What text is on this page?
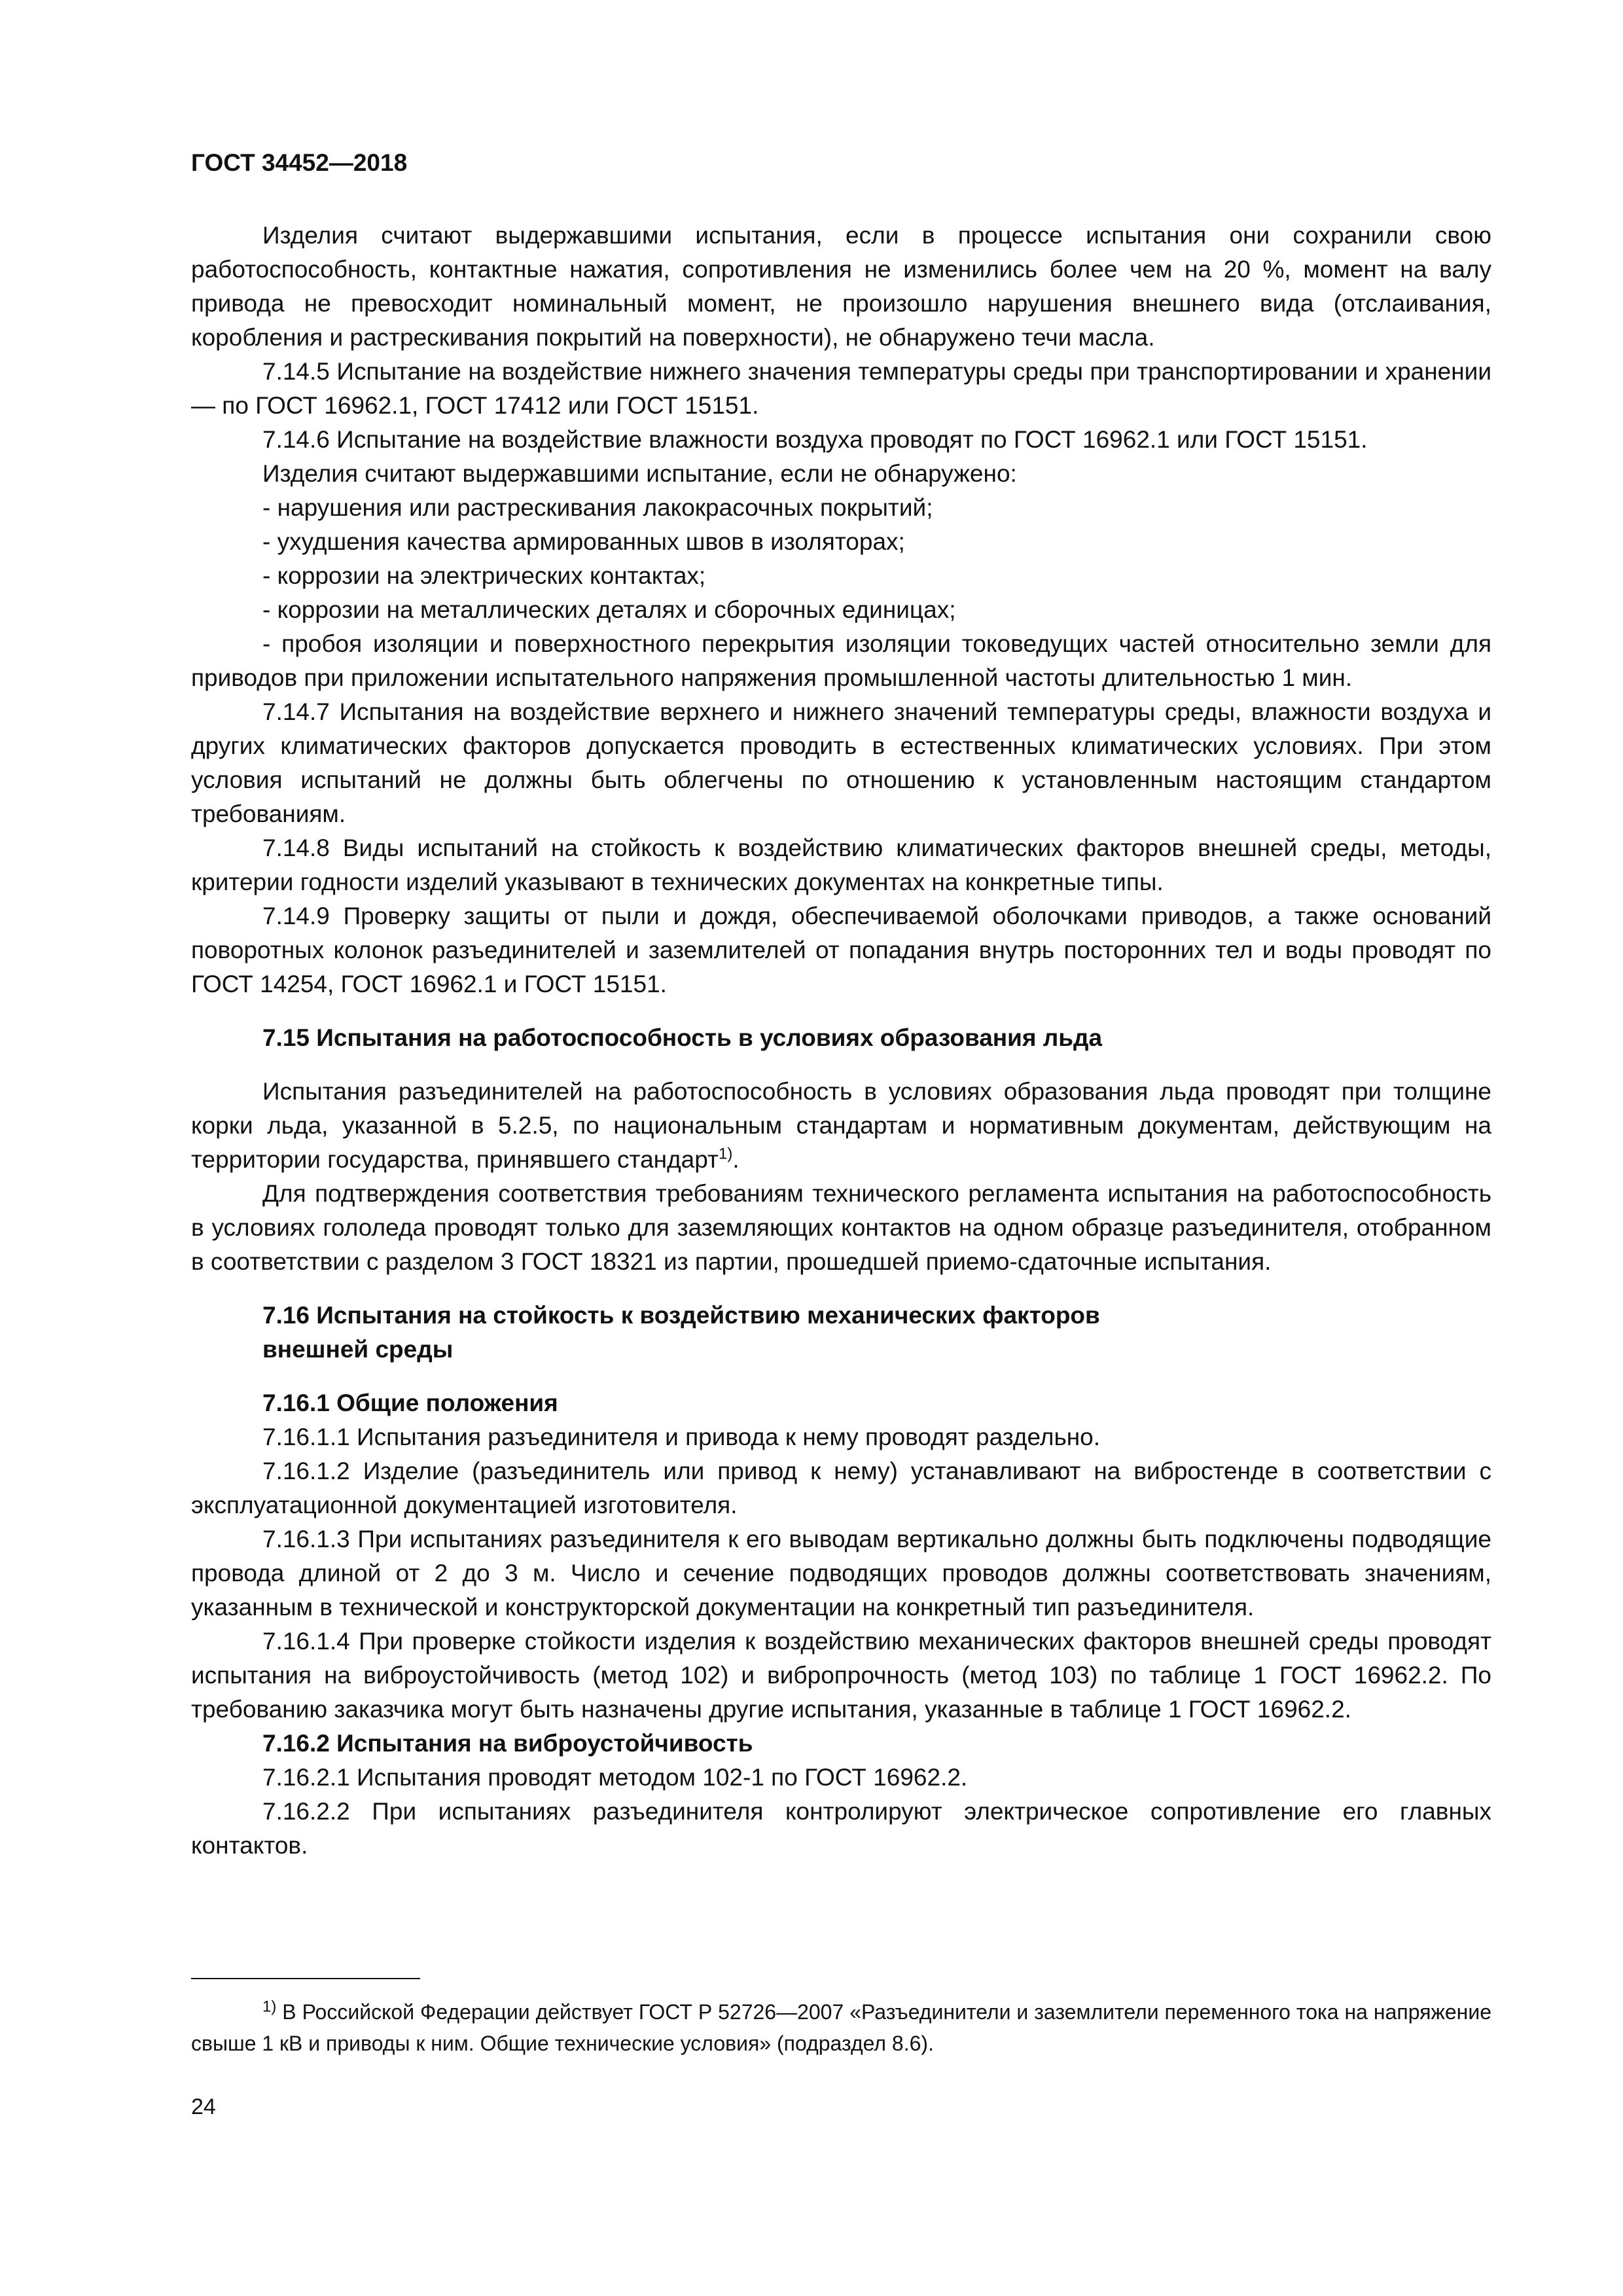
ГОСТ 34452—2018

Изделия считают выдержавшими испытания, если в процессе испытания они сохранили свою работоспособность, контактные нажатия, сопротивления не изменились более чем на 20 %, момент на валу привода не превосходит номинальный момент, не произошло нарушения внешнего вида (отслаивания, коробления и растрескивания покрытий на поверхности), не обнаружено течи масла.

7.14.5 Испытание на воздействие нижнего значения температуры среды при транспортировании и хранении — по ГОСТ 16962.1, ГОСТ 17412 или ГОСТ 15151.

7.14.6 Испытание на воздействие влажности воздуха проводят по ГОСТ 16962.1 или ГОСТ 15151.

Изделия считают выдержавшими испытание, если не обнаружено:

- нарушения или растрескивания лакокрасочных покрытий;

- ухудшения качества армированных швов в изоляторах;

- коррозии на электрических контактах;

- коррозии на металлических деталях и сборочных единицах;

- пробоя изоляции и поверхностного перекрытия изоляции токоведущих частей относительно земли для приводов при приложении испытательного напряжения промышленной частоты длительностью 1 мин.

7.14.7 Испытания на воздействие верхнего и нижнего значений температуры среды, влажности воздуха и других климатических факторов допускается проводить в естественных климатических условиях. При этом условия испытаний не должны быть облегчены по отношению к установленным настоящим стандартом требованиям.

7.14.8 Виды испытаний на стойкость к воздействию климатических факторов внешней среды, методы, критерии годности изделий указывают в технических документах на конкретные типы.

7.14.9 Проверку защиты от пыли и дождя, обеспечиваемой оболочками приводов, а также оснований поворотных колонок разъединителей и заземлителей от попадания внутрь посторонних тел и воды проводят по ГОСТ 14254, ГОСТ 16962.1 и ГОСТ 15151.

7.15 Испытания на работоспособность в условиях образования льда

Испытания разъединителей на работоспособность в условиях образования льда проводят при толщине корки льда, указанной в 5.2.5, по национальным стандартам и нормативным документам, действующим на территории государства, принявшего стандарт$^{1)}$.

Для подтверждения соответствия требованиям технического регламента испытания на работоспособность в условиях гололеда проводят только для заземляющих контактов на одном образце разъединителя, отобранном в соответствии с разделом 3 ГОСТ 18321 из партии, прошедшей приемо-сдаточные испытания.

7.16 Испытания на стойкость к воздействию механических факторов
внешней среды
7.16.1 Общие положения

7.16.1.1 Испытания разъединителя и привода к нему проводят раздельно.

7.16.1.2 Изделие (разъединитель или привод к нему) устанавливают на вибростенде в соответствии с эксплуатационной документацией изготовителя.

7.16.1.3 При испытаниях разъединителя к его выводам вертикально должны быть подключены подводящие провода длиной от 2 до 3 м. Число и сечение подводящих проводов должны соответствовать значениям, указанным в технической и конструкторской документации на конкретный тип разъединителя.

7.16.1.4 При проверке стойкости изделия к воздействию механических факторов внешней среды проводят испытания на виброустойчивость (метод 102) и вибропрочность (метод 103) по таблице 1 ГОСТ 16962.2. По требованию заказчика могут быть назначены другие испытания, указанные в таблице 1 ГОСТ 16962.2.

7.16.2 Испытания на виброустойчивость

7.16.2.1 Испытания проводят методом 102-1 по ГОСТ 16962.2.

7.16.2.2 При испытаниях разъединителя контролируют электрическое сопротивление его главных контактов.

$^{1)}$ В Российской Федерации действует ГОСТ Р 52726—2007 «Разъединители и заземлители переменного тока на напряжение свыше 1 кВ и приводы к ним. Общие технические условия» (подраздел 8.6).

24
